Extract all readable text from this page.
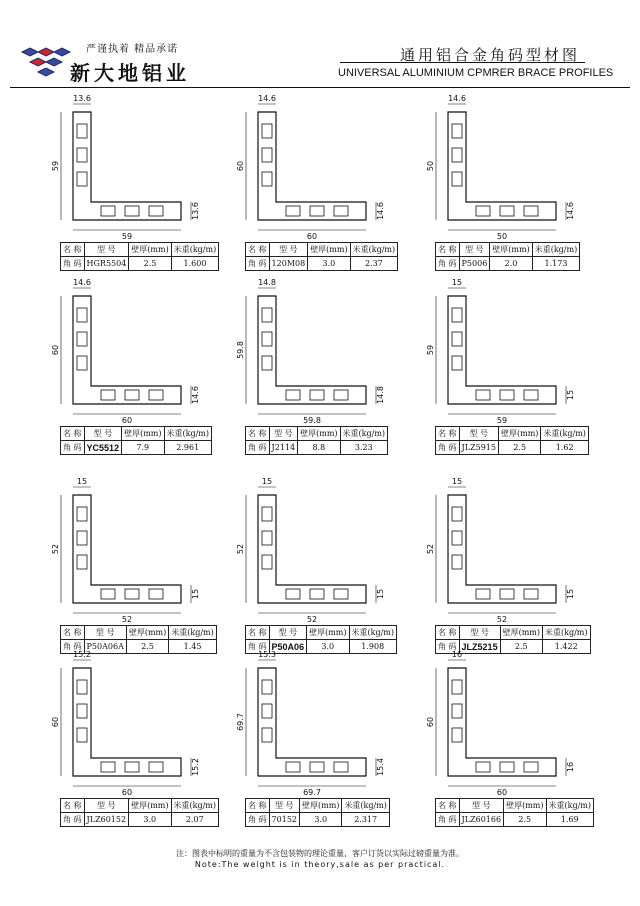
严谨执着 精品承诺
新大地铝业
通用铝合金角码型材图
UNIVERSAL ALUMINIUM CPMRER BRACE PROFILES
13.6
59
59
13.6
名 称	型 号	壁厚(mm)	米重(kg/m)
角 码	HGR5504	2.5	1.600
14.6
60
60
14.6
名 称	型 号	壁厚(mm)	米重(kg/m)
角 码	120M08	3.0	2.37
14.6
50
50
14.6
名 称	型 号	壁厚(mm)	米重(kg/m)
角 码	P5006	2.0	1.173
14.6
60
60
14.6
名 称	型 号	壁厚(mm)	米重(kg/m)
角 码	YC5512	7.9	2.961
14.8
59.8
59.8
14.8
名 称	型 号	壁厚(mm)	米重(kg/m)
角 码	J2114	8.8	3.23
15
59
59
15
名 称	型 号	壁厚(mm)	米重(kg/m)
角 码	JLZ5915	2.5	1.62
15
52
52
15
名 称	型 号	壁厚(mm)	米重(kg/m)
角 码	P50A06A	2.5	1.45
15
52
52
15
名 称	型 号	壁厚(mm)	米重(kg/m)
角 码	P50A06	3.0	1.908
15
52
52
15
名 称	型 号	壁厚(mm)	米重(kg/m)
角 码	JLZ5215	2.5	1.422
15.2
60
60
15.2
名 称	型 号	壁厚(mm)	米重(kg/m)
角 码	JLZ60152	3.0	2.07
15.3
69.7
69.7
15.4
名 称	型 号	壁厚(mm)	米重(kg/m)
角 码	70152	3.0	2.317
16
60
60
16
名 称	型 号	壁厚(mm)	米重(kg/m)
角 码	JLZ60166	2.5	1.69
注：图表中标明的重量为不含包装物的理论重量，客户订货以实际过磅重量为准。
Note:The weight is in theory,sale as per practical.
